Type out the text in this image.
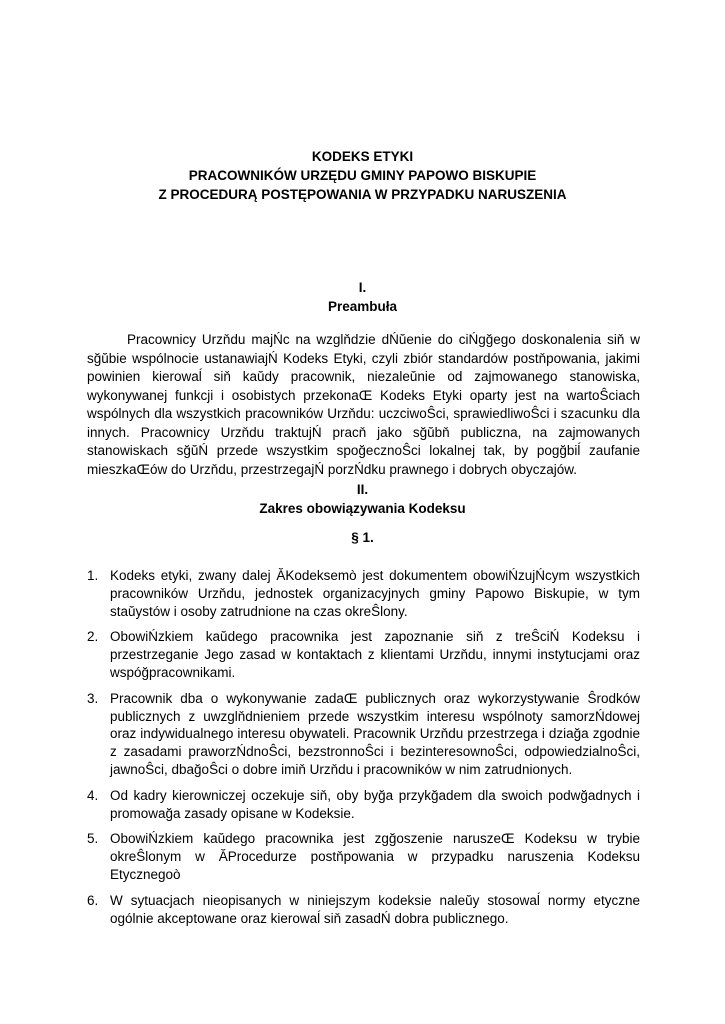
KODEKS ETYKI
PRACOWNIKÓW URZĘDU GMINY PAPOWO BISKUPIE
Z PROCEDURĄ POSTĘPOWANIA W PRZYPADKU NARUSZENIA
I.
Preambuła

Pracownicy Urzňdu majŃc na wzglňdzie dŃŭenie do ciŃgğego doskonalenia siň w sğŭbie wspólnocie ustanawiajŃ Kodeks Etyki, czyli zbiór standardów postňpowania, jakimi powinien kierowaĺ siň kaŭdy pracownik, niezaleŭnie od zajmowanego stanowiska, wykonywanej funkcji i osobistych przekonaŒ Kodeks Etyki oparty jest na wartoŜciach wspólnych dla wszystkich pracowników Urzňdu: uczciwoŜci, sprawiedliwoŜci i szacunku dla innych. Pracownicy Urzňdu traktujŃ pracň jako sğŭbň publiczna, na zajmowanych stanowiskach sğŭŃ przede wszystkim spoğecznoŜci lokalnej tak, by pogğbiĺ zaufanie mieszkaŒów do Urzňdu, przestrzegajŃ porzŃdku prawnego i dobrych obyczajów.

II.
Zakres obowiązywania Kodeksu
§ 1.
1. Kodeks etyki, zwany dalej ĂKodeksemò jest dokumentem obowiŃzujŃcym wszystkich pracowników Urzňdu, jednostek organizacyjnych gminy Papowo Biskupie, w tym staŭystów i osoby zatrudnione na czas okreŜlony.
2. ObowiŃzkiem kaŭdego pracownika jest zapoznanie siň z treŜciŃ Kodeksu i przestrzeganie Jego zasad w kontaktach z klientami Urzňdu, innymi instytucjami oraz wspóğpracownikami.
3. Pracownik dba o wykonywanie zadaŒ publicznych oraz wykorzystywanie Ŝrodków publicznych z uwzglňdnieniem przede wszystkim interesu wspólnoty samorzŃdowej oraz indywidualnego interesu obywateli. Pracownik Urzňdu przestrzega i dziağa zgodnie z zasadami praworzŃdnoŜci, bezstronnoŜci i bezinteresownoŜci, odpowiedzialnoŜci, jawnoŜci, dbağoŜci o dobre imiň Urzňdu i pracowników w nim zatrudnionych.
4. Od kadry kierowniczej oczekuje siň, oby byğa przykğadem dla swoich podwğadnych i promowağa zasady opisane w Kodeksie.
5. ObowiŃzkiem kaŭdego pracownika jest zgğoszenie naruszeŒ Kodeksu w trybie okreŜlonym w ĂProcedurze postňpowania w przypadku naruszenia Kodeksu Etycznegoò
6. W sytuacjach nieopisanych w niniejszym kodeksie naleŭy stosowaĺ normy etyczne ogólnie akceptowane oraz kierowaĺ siň zasadŃ dobra publicznego.
